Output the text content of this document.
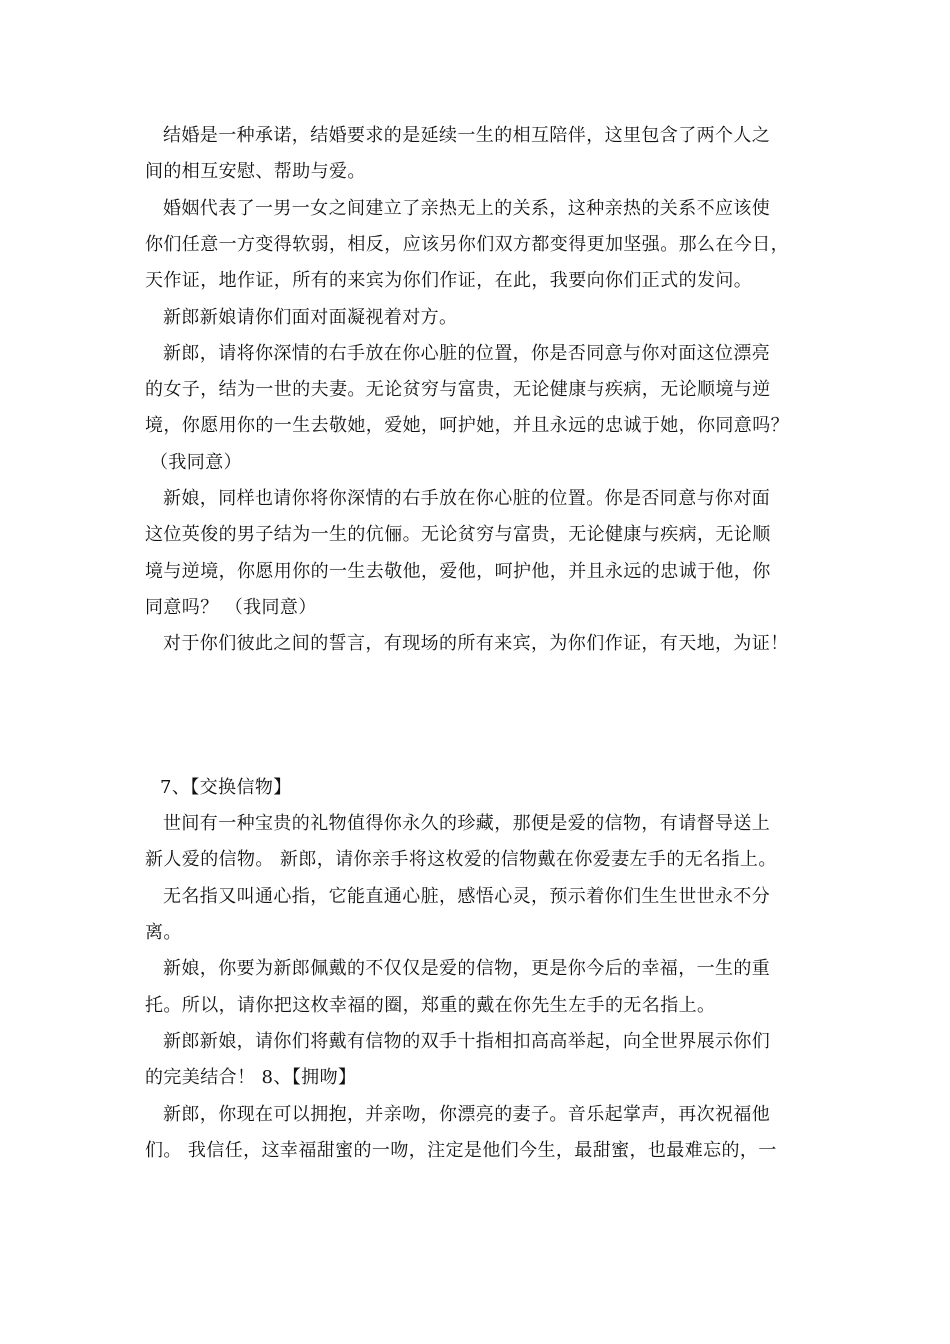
结婚是一种承诺，结婚要求的是延续一生的相互陪伴，这里包含了两个人之
间的相互安慰、帮助与爱。
婚姻代表了一男一女之间建立了亲热无上的关系，这种亲热的关系不应该使
你们任意一方变得软弱，相反，应该另你们双方都变得更加坚强。那么在今日，
天作证，地作证，所有的来宾为你们作证，在此，我要向你们正式的发问。
新郎新娘请你们面对面凝视着对方。
新郎，请将你深情的右手放在你心脏的位置，你是否同意与你对面这位漂亮
的女子，结为一世的夫妻。无论贫穷与富贵，无论健康与疾病，无论顺境与逆
境，你愿用你的一生去敬她，爱她，呵护她，并且永远的忠诚于她，你同意吗？
（我同意）
新娘，同样也请你将你深情的右手放在你心脏的位置。你是否同意与你对面
这位英俊的男子结为一生的伉俪。无论贫穷与富贵，无论健康与疾病，无论顺
境与逆境，你愿用你的一生去敬他，爱他，呵护他，并且永远的忠诚于他，你
同意吗？ （我同意）
对于你们彼此之间的誓言，有现场的所有来宾，为你们作证，有天地，为证！
7、【交换信物】
世间有一种宝贵的礼物值得你永久的珍藏，那便是爱的信物，有请督导送上
新人爱的信物。 新郎，请你亲手将这枚爱的信物戴在你爱妻左手的无名指上。
无名指又叫通心指，它能直通心脏，感悟心灵，预示着你们生生世世永不分
离。
新娘，你要为新郎佩戴的不仅仅是爱的信物，更是你今后的幸福，一生的重
托。所以，请你把这枚幸福的圈，郑重的戴在你先生左手的无名指上。
新郎新娘，请你们将戴有信物的双手十指相扣高高举起，向全世界展示你们
的完美结合！ 8、【拥吻】
新郎，你现在可以拥抱，并亲吻，你漂亮的妻子。音乐起掌声，再次祝福他
们。 我信任，这幸福甜蜜的一吻，注定是他们今生，最甜蜜，也最难忘的，一
